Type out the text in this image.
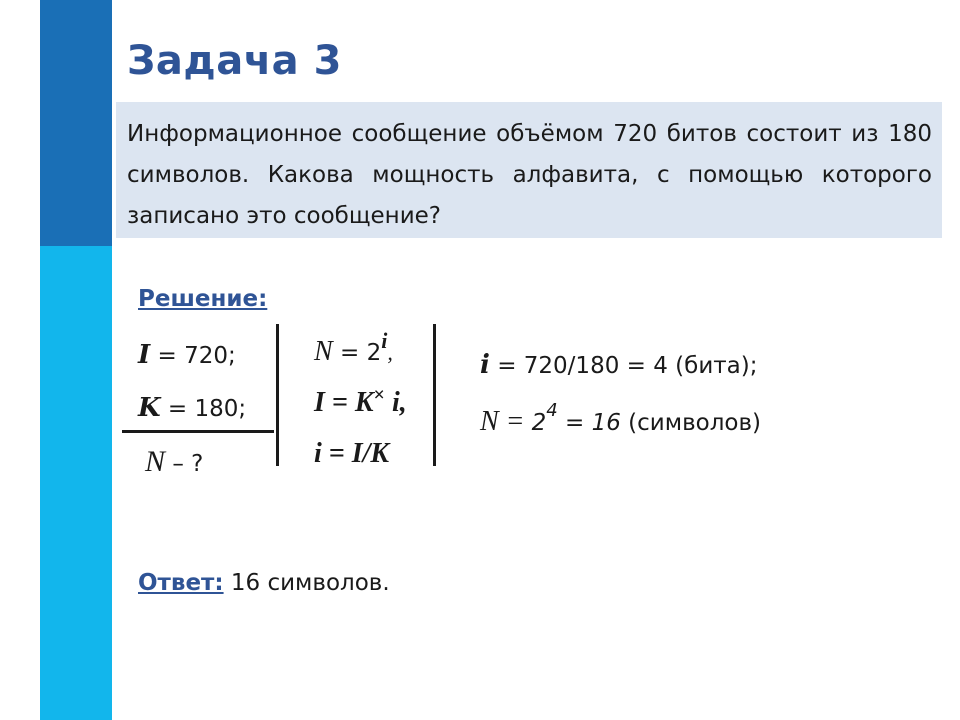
Задача 3
Информационное сообщение объёмом 720 битов состоит из 180 символов. Какова мощность алфавита, с помощью которого записано это сообщение?
Решение:
I = 720;
K = 180;
N – ?
N = 2i,
I = K× i,
i = I/K
i = 720/180 = 4 (бита);
$N = 2^4 = 16$ (символов)
Ответ: 16 символов.
